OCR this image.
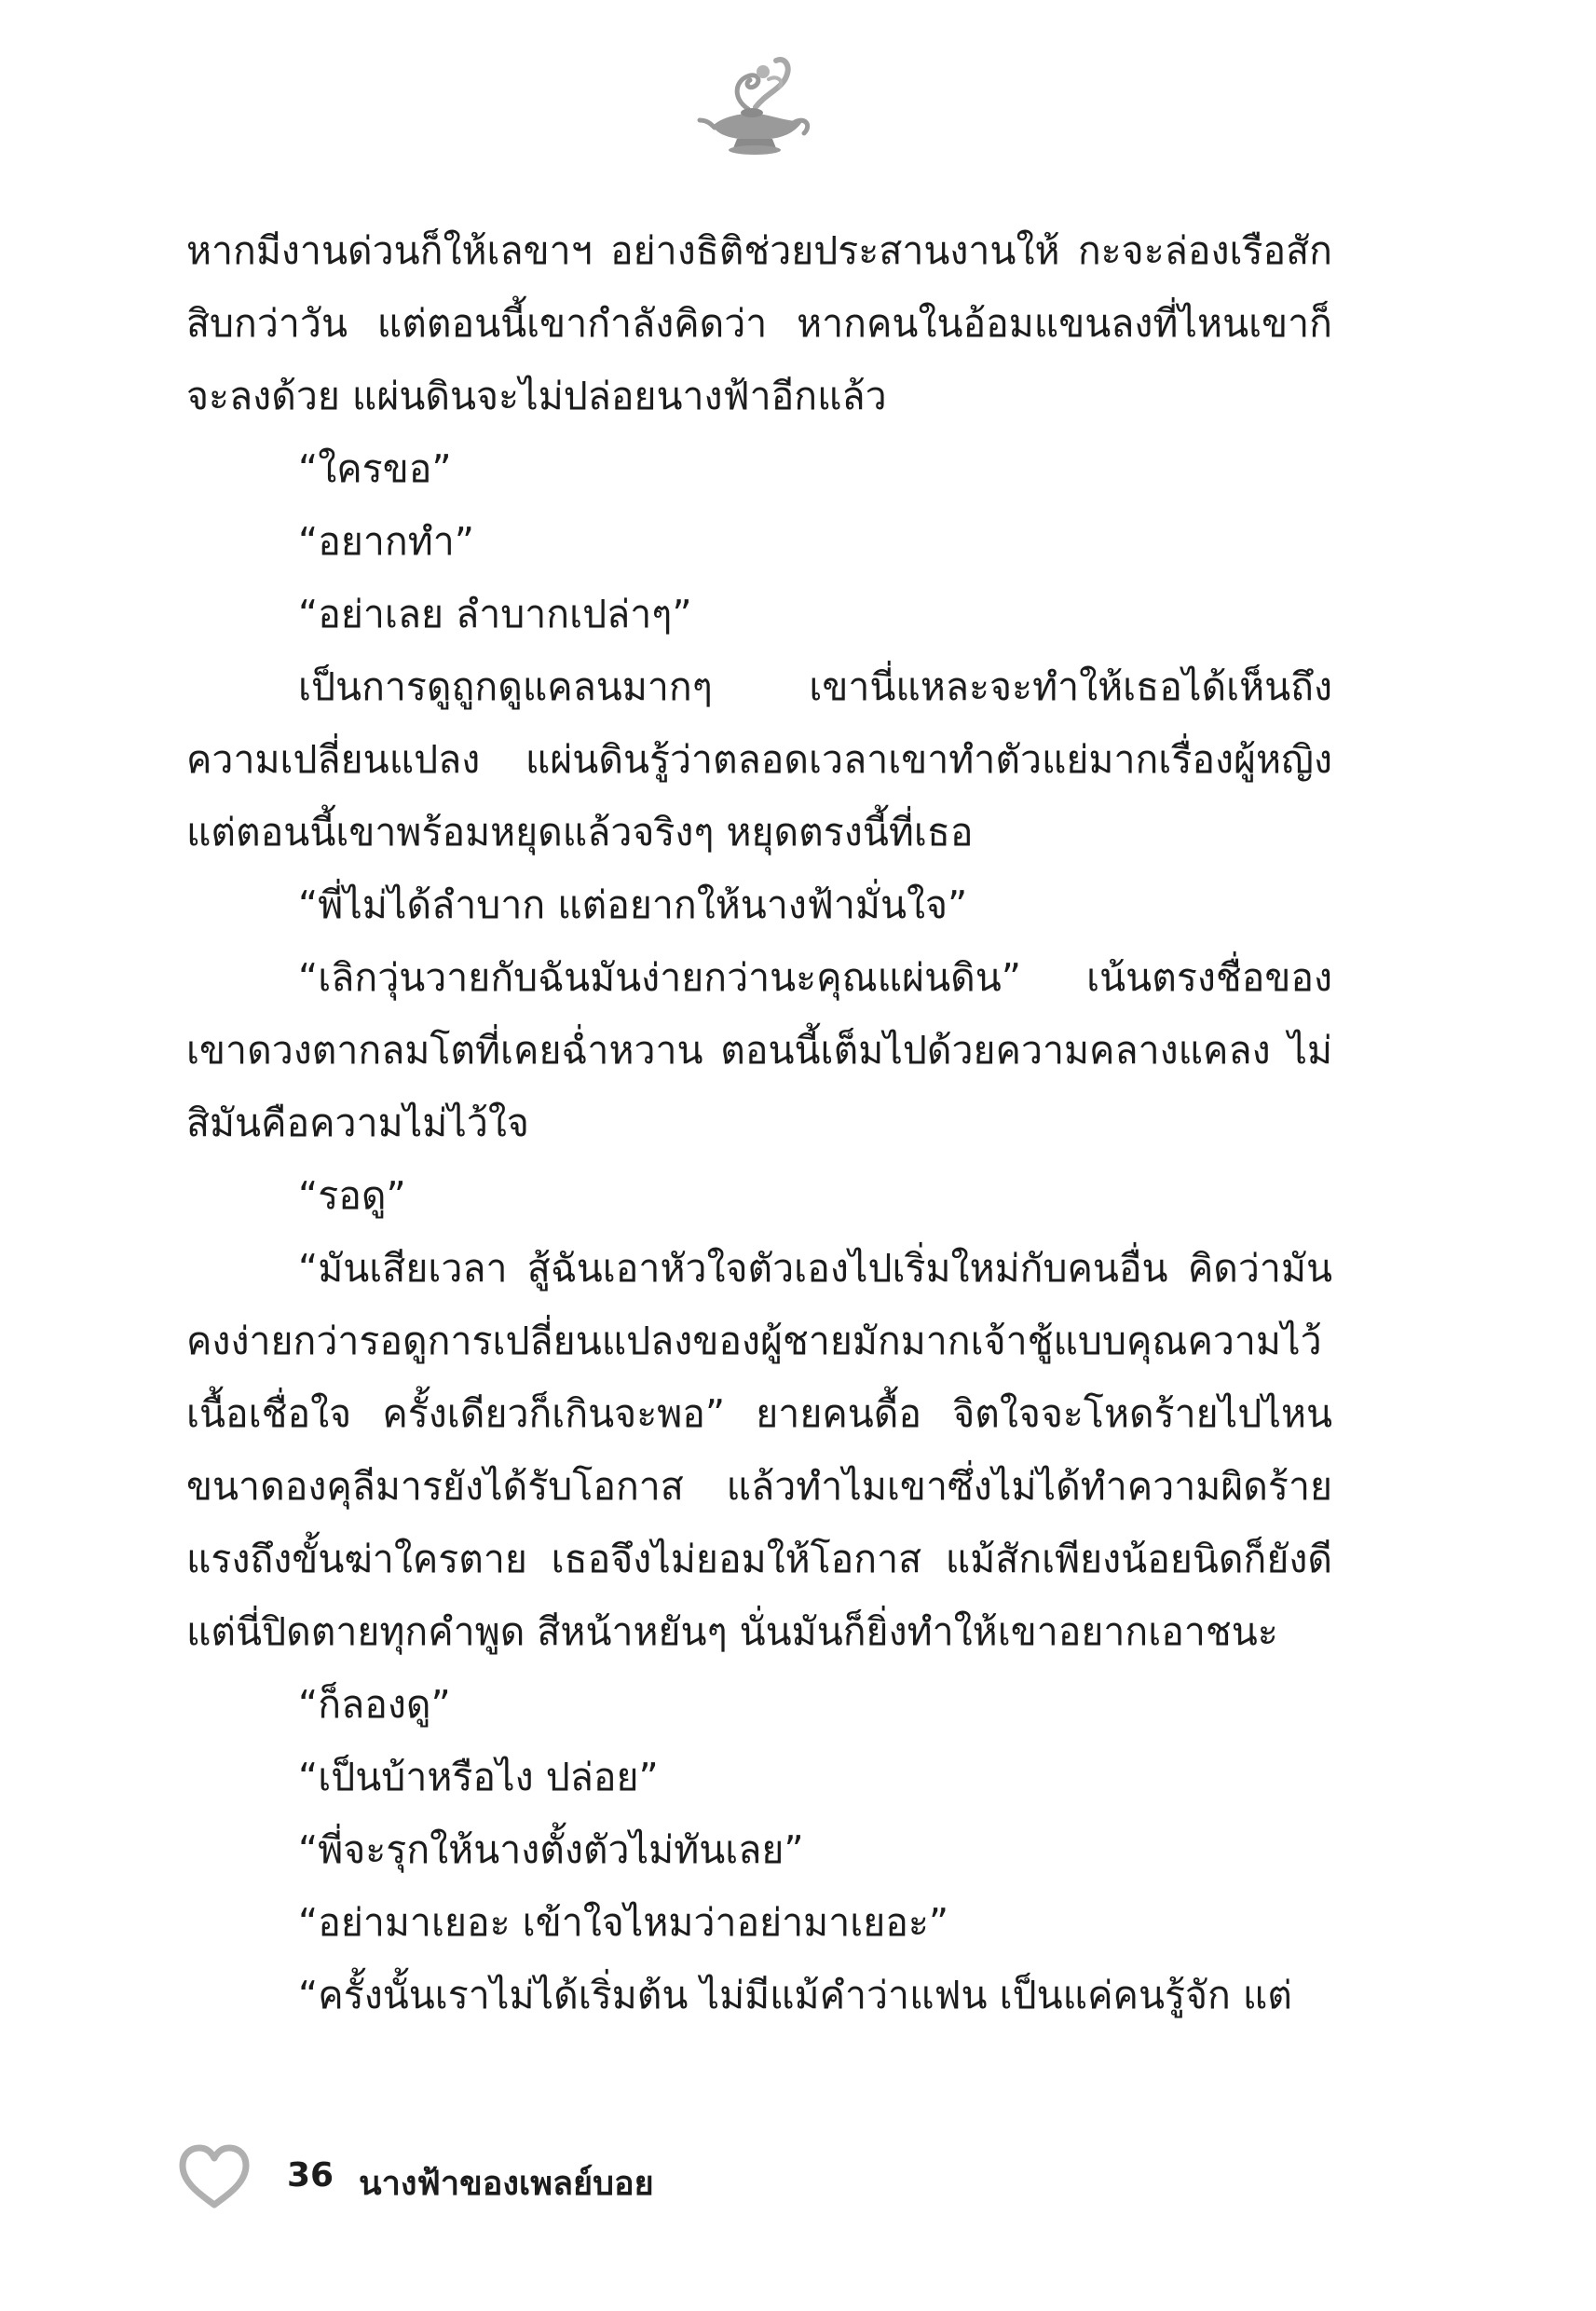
หากมีงานด่วนก็ให้เลขาฯ อย่างธิติช่วยประสานงานให้ กะจะล่องเรือสักสิบกว่าวัน แต่ตอนนี้เขากำลังคิดว่า หากคนในอ้อมแขนลงที่ไหนเขาก็จะลงด้วย แผ่นดินจะไม่ปล่อยนางฟ้าอีกแล้ว

“ใครขอ”

“อยากทำ”

“อย่าเลย ลำบากเปล่าๆ”

เป็นการดูถูกดูแคลนมากๆ เขานี่แหละจะทำให้เธอได้เห็นถึงความเปลี่ยนแปลง แผ่นดินรู้ว่าตลอดเวลาเขาทำตัวแย่มากเรื่องผู้หญิงแต่ตอนนี้เขาพร้อมหยุดแล้วจริงๆ หยุดตรงนี้ที่เธอ

“พี่ไม่ได้ลำบาก แต่อยากให้นางฟ้ามั่นใจ”

“เลิกวุ่นวายกับฉันมันง่ายกว่านะคุณแผ่นดิน” เน้นตรงชื่อของเขาดวงตากลมโตที่เคยฉ่ำหวาน ตอนนี้เต็มไปด้วยความคลางแคลง ไม่สิมันคือความไม่ไว้ใจ

“รอดู”

“มันเสียเวลา สู้ฉันเอาหัวใจตัวเองไปเริ่มใหม่กับคนอื่น คิดว่ามันคงง่ายกว่ารอดูการเปลี่ยนแปลงของผู้ชายมักมากเจ้าชู้แบบคุณความไว้เนื้อเชื่อใจ ครั้งเดียวก็เกินจะพอ” ยายคนดื้อ จิตใจจะโหดร้ายไปไหน ขนาดองคุลีมารยังได้รับโอกาส แล้วทำไมเขาซึ่งไม่ได้ทำความผิดร้ายแรงถึงขั้นฆ่าใครตาย เธอจึงไม่ยอมให้โอกาส แม้สักเพียงน้อยนิดก็ยังดี แต่นี่ปิดตายทุกคำพูด สีหน้าหยันๆ นั่นมันก็ยิ่งทำให้เขาอยากเอาชนะ

“ก็ลองดู”

“เป็นบ้าหรือไง ปล่อย”

“พี่จะรุกให้นางตั้งตัวไม่ทันเลย”

“อย่ามาเยอะ เข้าใจไหมว่าอย่ามาเยอะ”

“ครั้งนั้นเราไม่ได้เริ่มต้น ไม่มีแม้คำว่าแฟน เป็นแค่คนรู้จัก แต่

36 นางฟ้าของเพลย์บอย
